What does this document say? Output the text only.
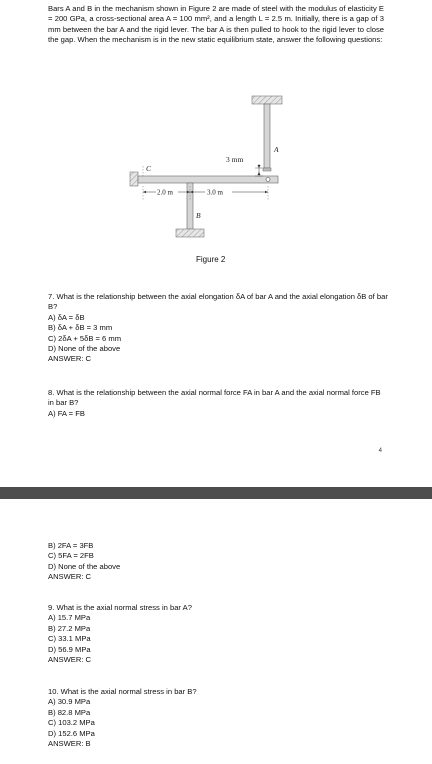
Bars A and B in the mechanism shown in Figure 2 are made of steel with the modulus of elasticity E = 200 GPa, a cross-sectional area A = 100 mm², and a length L = 2.5 m. Initially, there is a gap of 3 mm between the bar A and the rigid lever. The bar A is then pulled to hook to the rigid lever to close the gap. When the mechanism is in the new static equilibrium state, answer the following questions:
3 mm
A
B
C
2.0 m	3.0 m
Figure 2

7. What is the relationship between the axial elongation δA of bar A and the axial elongation δB of bar B?

A) δA = δB

B) δA + δB = 3 mm

C) 2δA + 5δB = 6 mm

D) None of the above

ANSWER: C

8. What is the relationship between the axial normal force FA in bar A and the axial normal force FB in bar B?

A) FA = FB

4

B) 2FA = 3FB

C) 5FA = 2FB

D) None of the above

ANSWER: C

9. What is the axial normal stress in bar A?

A) 15.7 MPa

B) 27.2 MPa

C) 33.1 MPa

D) 56.9 MPa

ANSWER: C

10. What is the axial normal stress in bar B?

A) 30.9 MPa

B) 82.8 MPa

C) 103.2 MPa

D) 152.6 MPa

ANSWER: B
